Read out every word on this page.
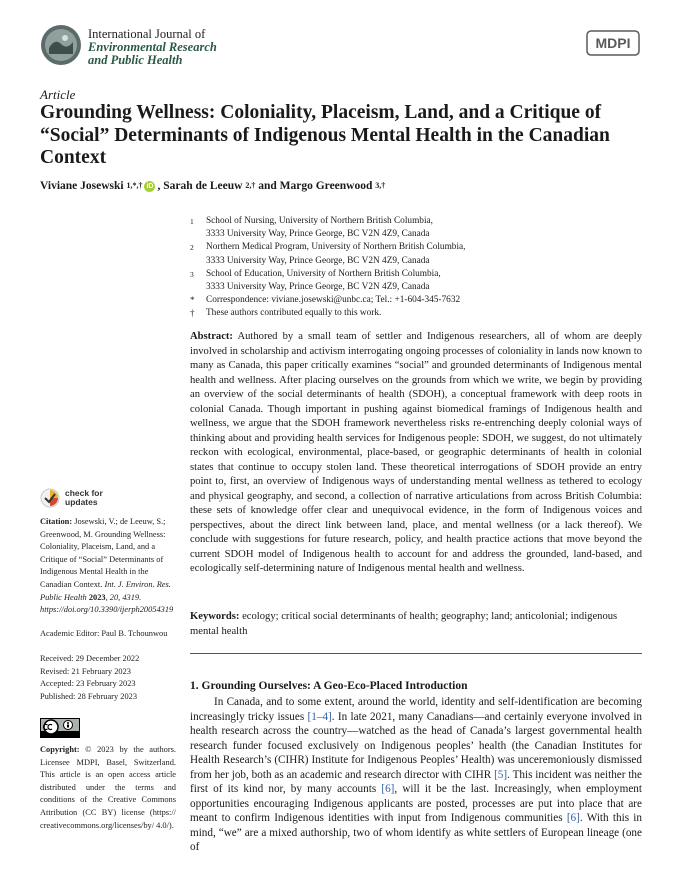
International Journal of
Environmental Research
and Public Health
MDPI
Article
Grounding Wellness: Coloniality, Placeism, Land, and a Critique of “Social” Determinants of Indigenous Mental Health in the Canadian Context
Viviane Josewski
1,*,† iD ,
Sarah de Leeuw
2,†
and
Margo Greenwood
3,†
1	School of Nursing, University of Northern British Columbia,
3333 University Way, Prince George, BC V2N 4Z9, Canada
2	Northern Medical Program, University of Northern British Columbia,
3333 University Way, Prince George, BC V2N 4Z9, Canada
3	School of Education, University of Northern British Columbia,
3333 University Way, Prince George, BC V2N 4Z9, Canada
*	Correspondence: viviane.josewski@unbc.ca; Tel.: +1-604-345-7632
†	These authors contributed equally to this work.

Abstract: Authored by a small team of settler and Indigenous researchers, all of whom are deeply involved in scholarship and activism interrogating ongoing processes of coloniality in lands now known to many as Canada, this paper critically examines “social” and grounded determinants of Indigenous mental health and wellness. After placing ourselves on the grounds from which we write, we begin by providing an overview of the social determinants of health (SDOH), a conceptual framework with deep roots in colonial Canada. Though important in pushing against biomedical framings of Indigenous health and wellness, we argue that the SDOH framework nevertheless risks re-entrenching deeply colonial ways of thinking about and providing health services for Indigenous people: SDOH, we suggest, do not ultimately reckon with ecological, environmental, place-based, or geographic determinants of health in colonial states that continue to occupy stolen land. These theoretical interrogations of SDOH provide an entry point to, first, an overview of Indigenous ways of understanding mental wellness as tethered to ecology and physical geography, and second, a collection of narrative articulations from across British Columbia: these sets of knowledge offer clear and unequivocal evidence, in the form of Indigenous voices and perspectives, about the direct link between land, place, and mental wellness (or a lack thereof). We conclude with suggestions for future research, policy, and health practice actions that move beyond the current SDOH model of Indigenous health to account for and address the grounded, land-based, and ecologically self-determining nature of Indigenous mental health and wellness.

Keywords: ecology; critical social determinants of health; geography; land; anticolonial; indigenous mental health

check for
updates

Citation: Josewski, V.; de Leeuw, S.; Greenwood, M. Grounding Wellness: Coloniality, Placeism, Land, and a Critique of “Social” Determinants of Indigenous Mental Health in the Canadian Context. Int. J. Environ. Res. Public Health 2023, 20, 4319. https://doi.org/10.3390/ijerph20054319

Academic Editor: Paul B. Tchounwou

Received: 29 December 2022
Revised: 21 February 2023
Accepted: 23 February 2023
Published: 28 February 2023

Copyright: © 2023 by the authors. Licensee MDPI, Basel, Switzerland. This article is an open access article distributed under the terms and conditions of the Creative Commons Attribution (CC BY) license (https:// creativecommons.org/licenses/by/ 4.0/).

1. Grounding Ourselves: A Geo-Eco-Placed Introduction

In Canada, and to some extent, around the world, identity and self-identification are becoming increasingly tricky issues [1–4]. In late 2021, many Canadians—and certainly everyone involved in health research across the country—watched as the head of Canada’s largest governmental health research funder focused exclusively on Indigenous peoples’ health (the Canadian Institutes for Health Research’s (CIHR) Institute for Indigenous Peoples’ Health) was unceremoniously dismissed from her job, both as an academic and research director with CIHR [5]. This incident was neither the first of its kind nor, by many accounts [6], will it be the last. Increasingly, when employment opportunities encouraging Indigenous applicants are posted, processes are put into place that are meant to confirm Indigenous identities with input from Indigenous communities [6]. With this in mind, “we” are a mixed authorship, two of whom identify as white settlers of European lineage (one of
